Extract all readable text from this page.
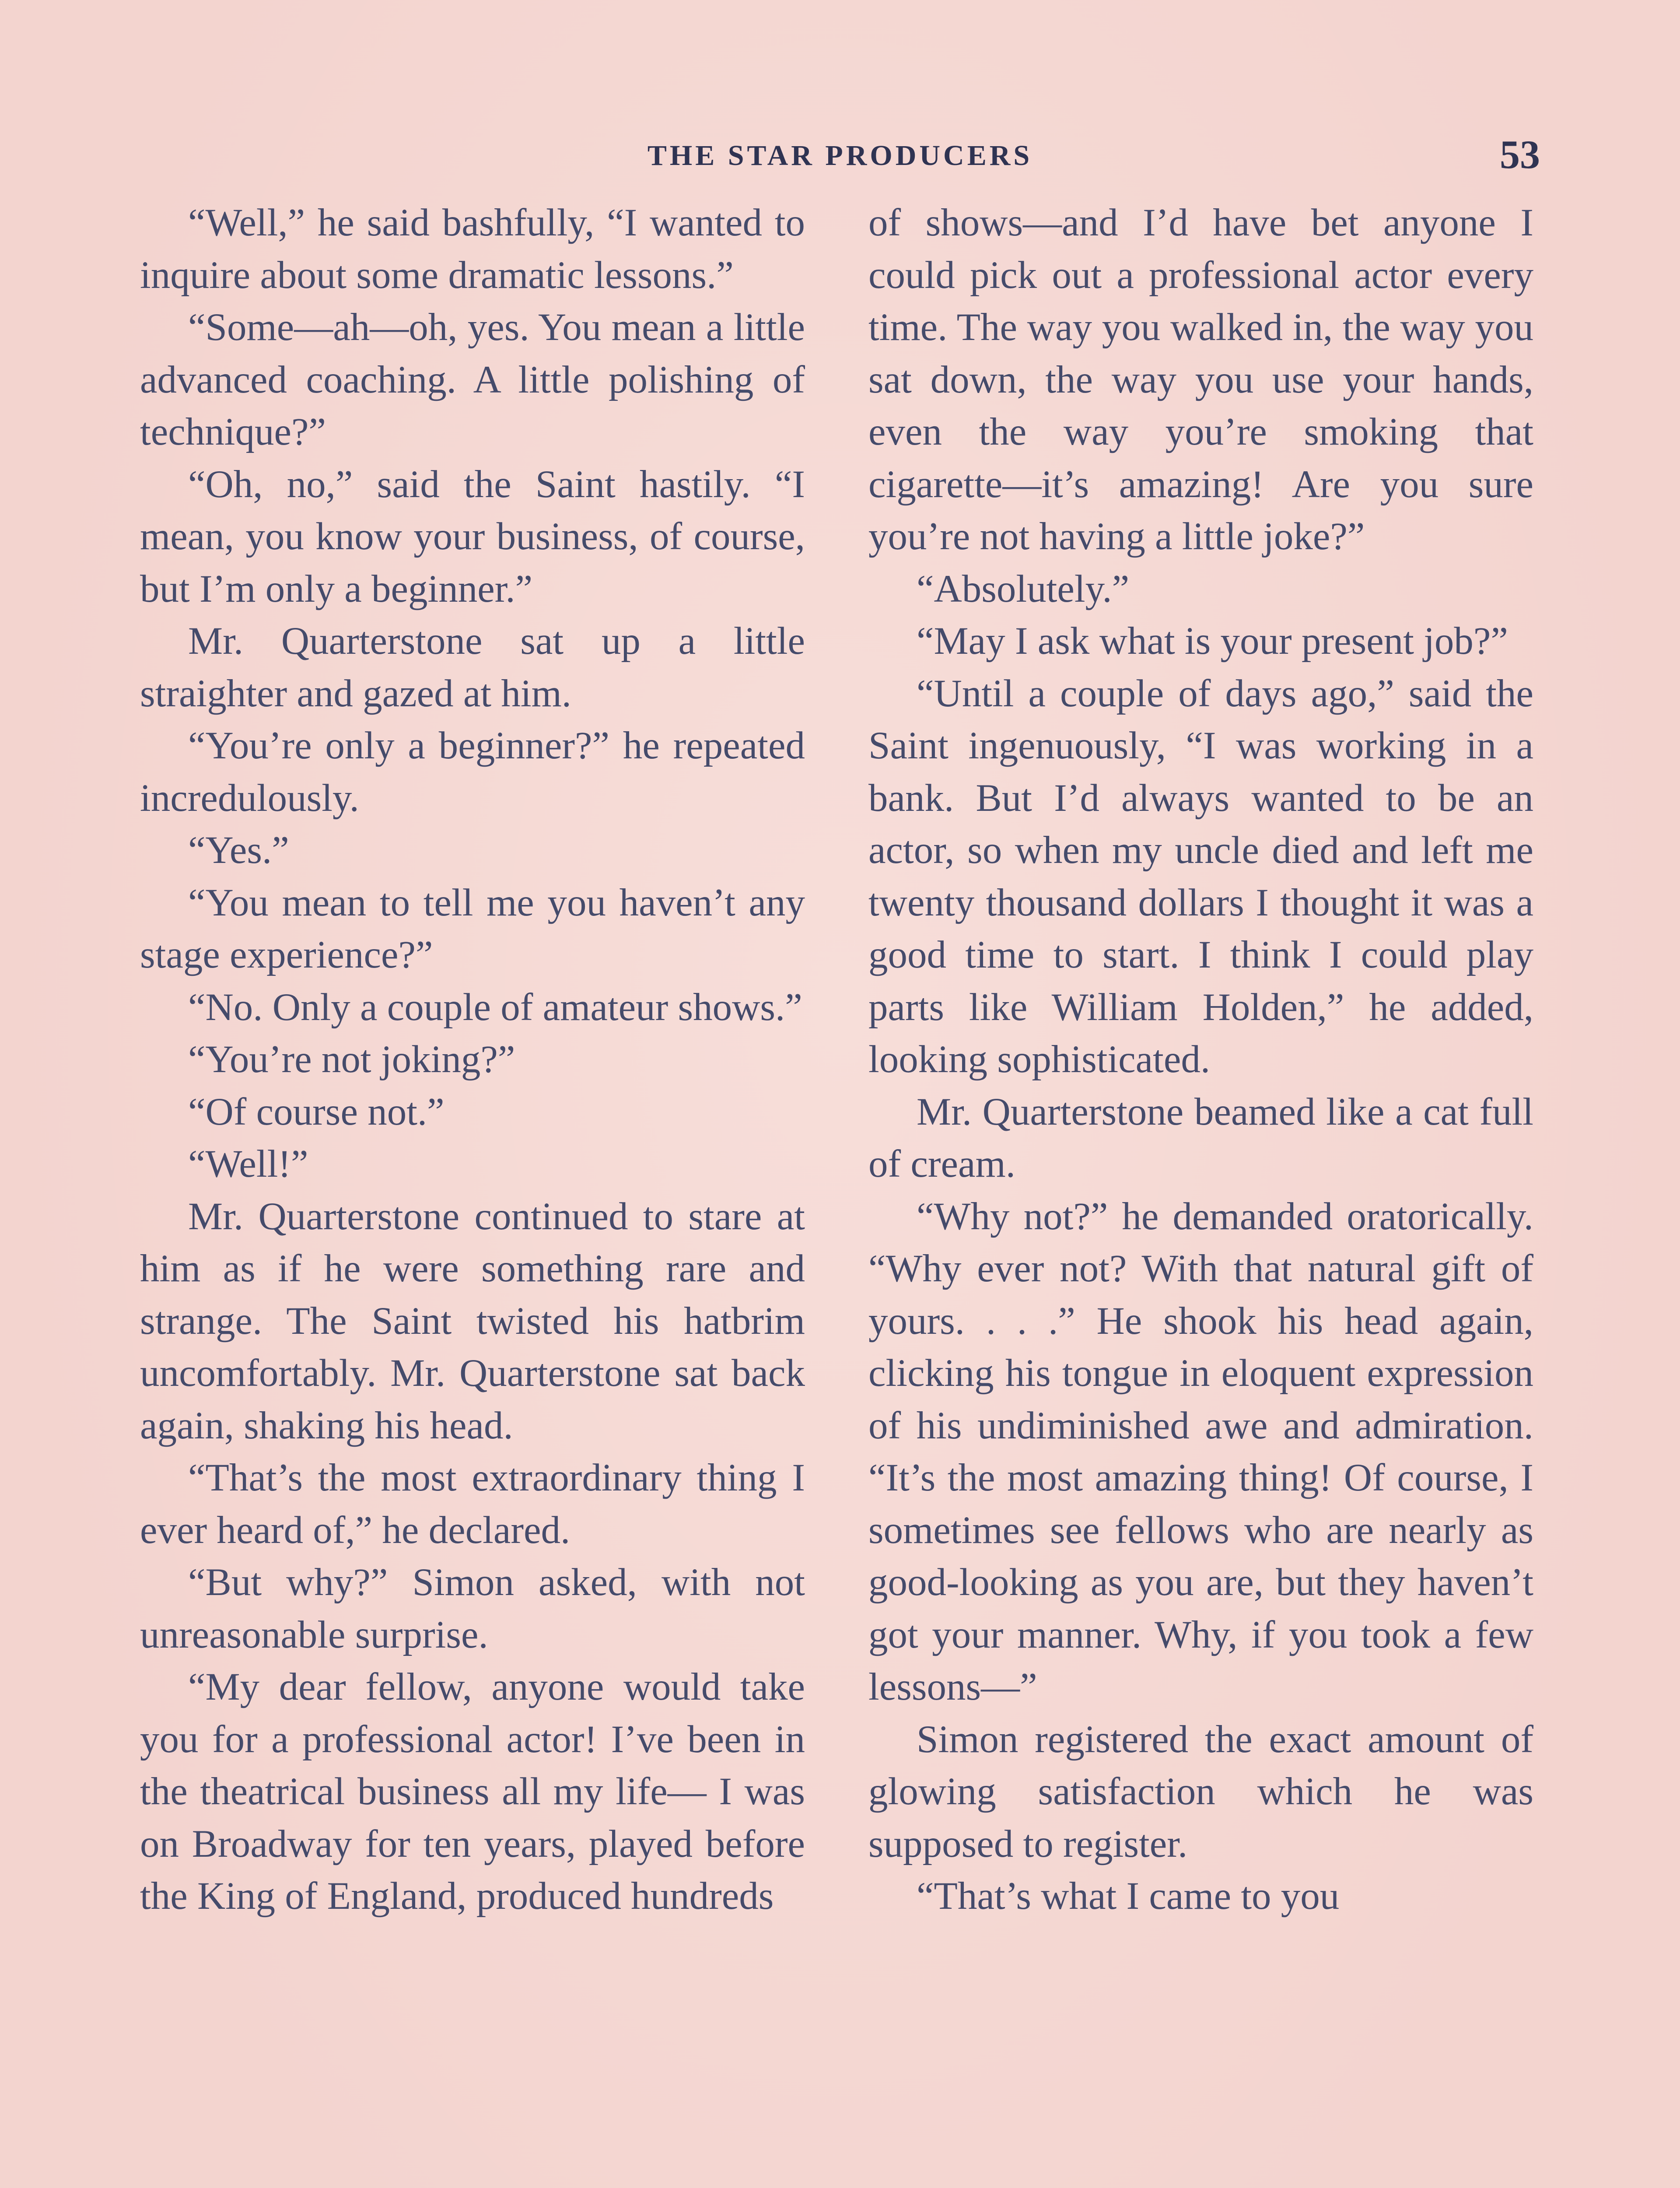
THE STAR PRODUCERS	53

“Well,” he said bashfully, “I wanted to inquire about some dramatic lessons.”

“Some—ah—oh, yes. You mean a little advanced coaching. A little polishing of technique?”

“Oh, no,” said the Saint hastily. “I mean, you know your business, of course, but I’m only a beginner.”

Mr. Quarterstone sat up a little straighter and gazed at him.

“You’re only a beginner?” he repeated incredulously.

“Yes.”

“You mean to tell me you haven’t any stage experience?”

“No. Only a couple of amateur shows.”

“You’re not joking?”

“Of course not.”

“Well!”

Mr. Quarterstone continued to stare at him as if he were something rare and strange. The Saint twisted his hatbrim uncomfortably. Mr. Quarterstone sat back again, shaking his head.

“That’s the most extraordinary thing I ever heard of,” he declared.

“But why?” Simon asked, with not unreasonable surprise.

“My dear fellow, anyone would take you for a professional actor! I’ve been in the theatrical business all my life— I was on Broadway for ten years, played before the King of England, produced hundreds

of shows—and I’d have bet anyone I could pick out a professional actor every time. The way you walked in, the way you sat down, the way you use your hands, even the way you’re smoking that cigarette—it’s amazing! Are you sure you’re not having a little joke?”

“Absolutely.”

“May I ask what is your present job?”

“Until a couple of days ago,” said the Saint ingenuously, “I was working in a bank. But I’d always wanted to be an actor, so when my uncle died and left me twenty thousand dollars I thought it was a good time to start. I think I could play parts like William Holden,” he added, looking sophisticated.

Mr. Quarterstone beamed like a cat full of cream.

“Why not?” he demanded oratorically. “Why ever not? With that natural gift of yours. . . .” He shook his head again, clicking his tongue in eloquent expression of his undiminished awe and admiration. “It’s the most amazing thing! Of course, I sometimes see fellows who are nearly as good-looking as you are, but they haven’t got your manner. Why, if you took a few lessons—”

Simon registered the exact amount of glowing satisfaction which he was supposed to register.

“That’s what I came to you
